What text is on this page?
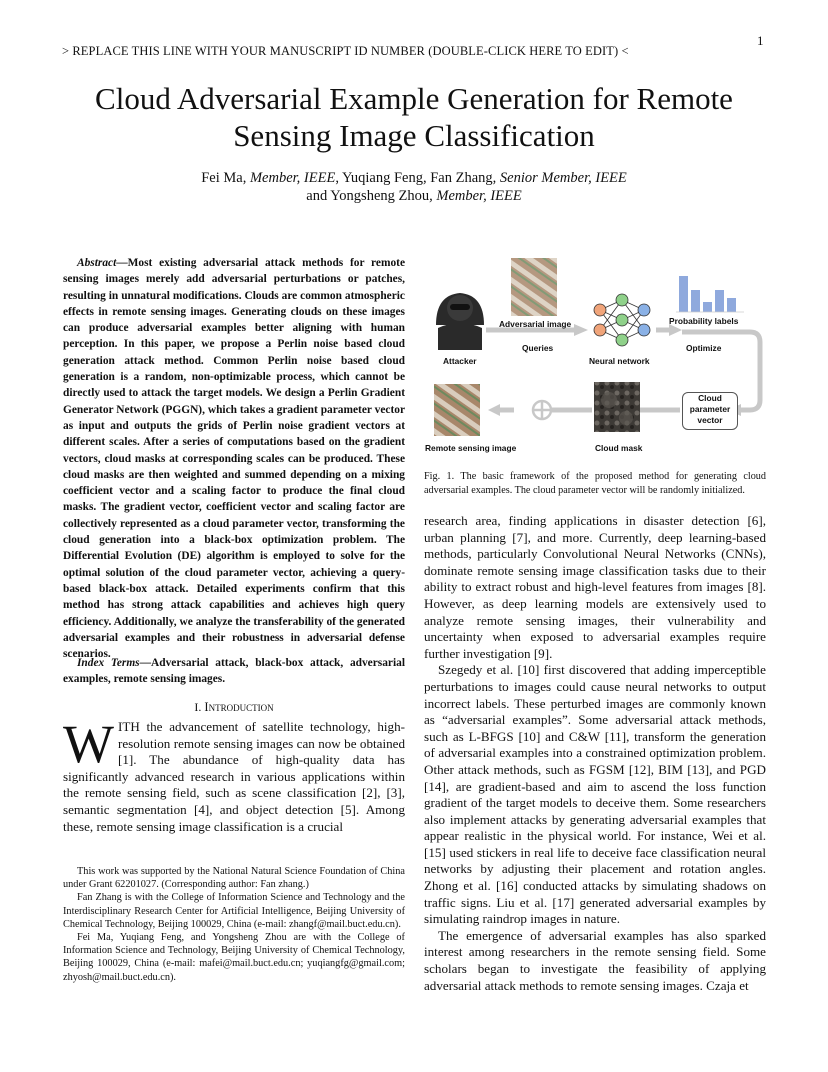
1
> REPLACE THIS LINE WITH YOUR MANUSCRIPT ID NUMBER (DOUBLE-CLICK HERE TO EDIT) <
Cloud Adversarial Example Generation for Remote
Sensing Image Classification
Fei Ma, Member, IEEE, Yuqiang Feng, Fan Zhang, Senior Member, IEEE
and Yongsheng Zhou, Member, IEEE
Abstract—Most existing adversarial attack methods for remote sensing images merely add adversarial perturbations or patches, resulting in unnatural modifications. Clouds are common atmospheric effects in remote sensing images. Generating clouds on these images can produce adversarial examples better aligning with human perception. In this paper, we propose a Perlin noise based cloud generation attack method. Common Perlin noise based cloud generation is a random, non-optimizable process, which cannot be directly used to attack the target models. We design a Perlin Gradient Generator Network (PGGN), which takes a gradient parameter vector as input and outputs the grids of Perlin noise gradient vectors at different scales. After a series of computations based on the gradient vectors, cloud masks at corresponding scales can be produced. These cloud masks are then weighted and summed depending on a mixing coefficient vector and a scaling factor to produce the final cloud masks. The gradient vector, coefficient vector and scaling factor are collectively represented as a cloud parameter vector, transforming the cloud generation into a black-box optimization problem. The Differential Evolution (DE) algorithm is employed to solve for the optimal solution of the cloud parameter vector, achieving a query-based black-box attack. Detailed experiments confirm that this method has strong attack capabilities and achieves high query efficiency. Additionally, we analyze the transferability of the generated adversarial examples and their robustness in adversarial defense scenarios.
Index Terms—Adversarial attack, black-box attack, adversarial examples, remote sensing images.
I. Introduction
WITH the advancement of satellite technology, high-resolution remote sensing images can now be obtained [1]. The abundance of high-quality data has significantly advanced research in various applications within the remote sensing field, such as scene classification [2], [3], semantic segmentation [4], and object detection [5]. Among these, remote sensing image classification is a crucial

This work was supported by the National Natural Science Foundation of China under Grant 62201027. (Corresponding author: Fan zhang.)

Fan Zhang is with the College of Information Science and Technology and the Interdisciplinary Research Center for Artificial Intelligence, Beijing University of Chemical Technology, Beijing 100029, China (e-mail: zhangf@mail.buct.edu.cn).

Fei Ma, Yuqiang Feng, and Yongsheng Zhou are with the College of Information Science and Technology, Beijing University of Chemical Technology, Beijing 100029, China (e-mail: mafei@mail.buct.edu.cn; yuqiangfg@gmail.com; zhyosh@mail.buct.edu.cn).

Attacker
Adversarial image
Queries
Neural network
Probability labels
Optimize
Cloud
parameter
vector
Remote sensing image	Cloud mask
Fig. 1. The basic framework of the proposed method for generating cloud adversarial examples. The cloud parameter vector will be randomly initialized.

research area, finding applications in disaster detection [6], urban planning [7], and more. Currently, deep learning-based methods, particularly Convolutional Neural Networks (CNNs), dominate remote sensing image classification tasks due to their ability to extract robust and high-level features from images [8]. However, as deep learning models are extensively used to analyze remote sensing images, their vulnerability and uncertainty when exposed to adversarial examples require further investigation [9].

Szegedy et al. [10] first discovered that adding imperceptible perturbations to images could cause neural networks to output incorrect labels. These perturbed images are commonly known as “adversarial examples”. Some adversarial attack methods, such as L-BFGS [10] and C&W [11], transform the generation of adversarial examples into a constrained optimization problem. Other attack methods, such as FGSM [12], BIM [13], and PGD [14], are gradient-based and aim to ascend the loss function gradient of the target models to deceive them. Some researchers also implement attacks by generating adversarial examples that appear realistic in the physical world. For instance, Wei et al. [15] used stickers in real life to deceive face classification neural networks by adjusting their placement and rotation angles. Zhong et al. [16] conducted attacks by simulating shadows on traffic signs. Liu et al. [17] generated adversarial examples by simulating raindrop images in nature.

The emergence of adversarial examples has also sparked interest among researchers in the remote sensing field. Some scholars began to investigate the feasibility of applying adversarial attack methods to remote sensing images. Czaja et
